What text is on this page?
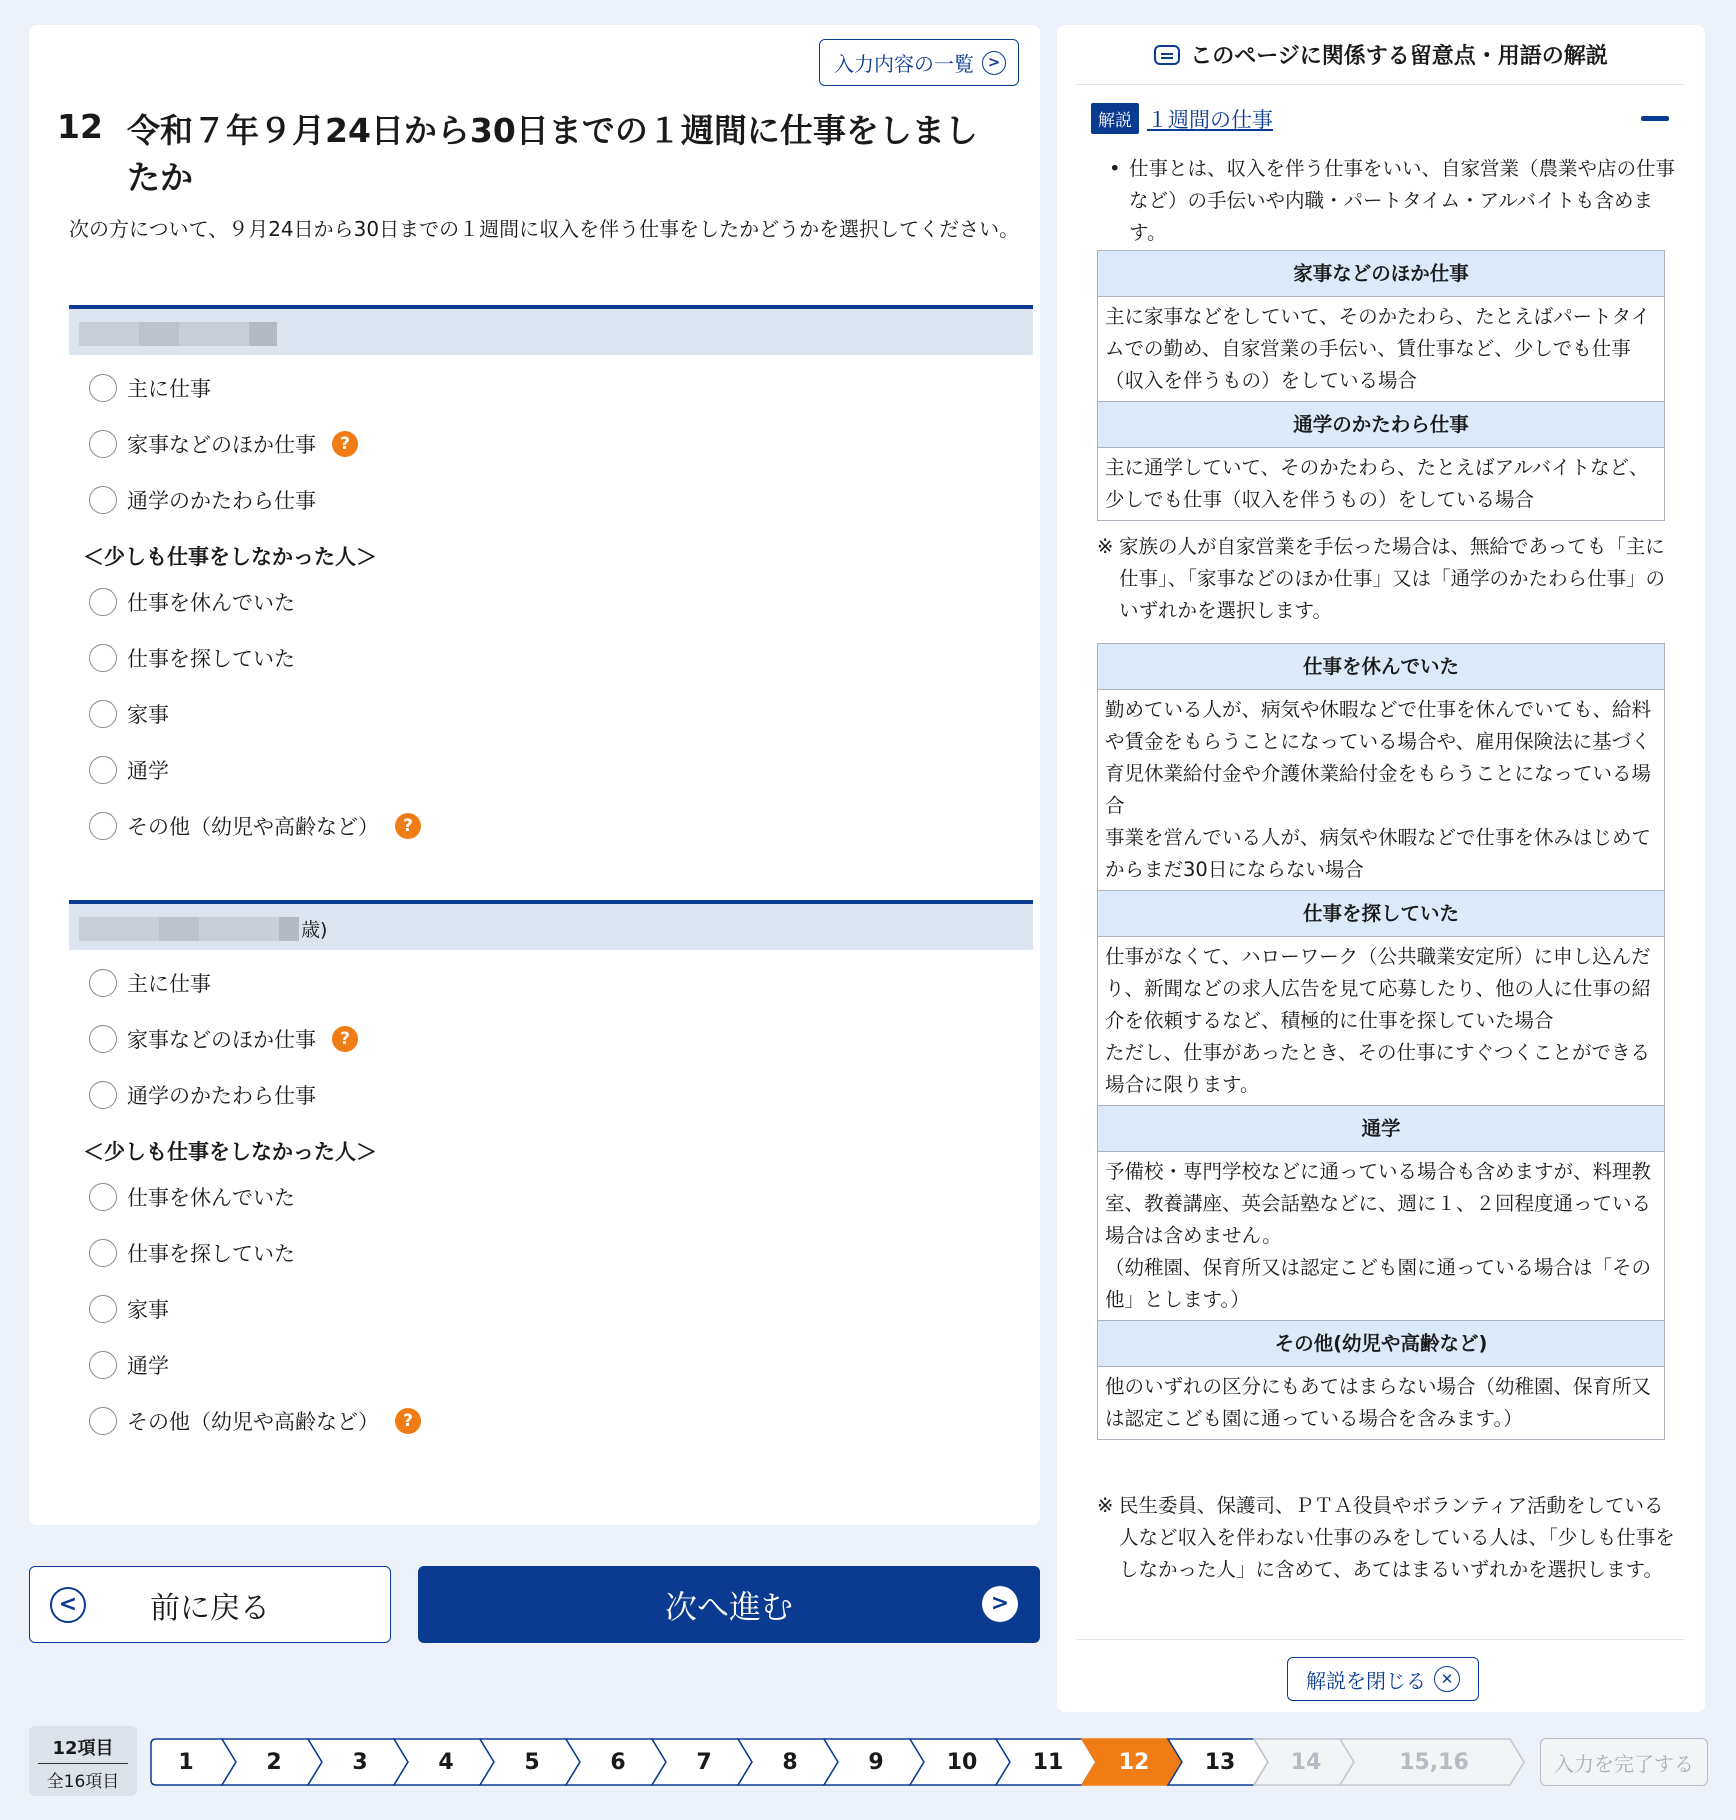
入力内容の一覧 >
12 令和７年９月24日から30日までの１週間に仕事をしましたか
次の方について、９月24日から30日までの１週間に収入を伴う仕事をしたかどうかを選択してください。
主に仕事
家事などのほか仕事	?
通学のかたわら仕事
＜少しも仕事をしなかった人＞
仕事を休んでいた
仕事を探していた
家事
通学
その他（幼児や高齢など）	?
歳)
主に仕事
家事などのほか仕事	?
通学のかたわら仕事
＜少しも仕事をしなかった人＞
仕事を休んでいた
仕事を探していた
家事
通学
その他（幼児や高齢など）	?
< 前に戻る	次へ進む	>
このページに関係する留意点・用語の解説
解説 １週間の仕事
• 仕事とは、収入を伴う仕事をいい、自家営業（農業や店の仕事など）の手伝いや内職・パートタイム・アルバイトも含めます。
家事などのほか仕事
主に家事などをしていて、そのかたわら、たとえばパートタイムでの勤め、自家営業の手伝い、賃仕事など、少しでも仕事（収入を伴うもの）をしている場合
通学のかたわら仕事
主に通学していて、そのかたわら、たとえばアルバイトなど、少しでも仕事（収入を伴うもの）をしている場合
※ 家族の人が自家営業を手伝った場合は、無給であっても「主に仕事」、「家事などのほか仕事」又は「通学のかたわら仕事」のいずれかを選択します。
仕事を休んでいた
勤めている人が、病気や休暇などで仕事を休んでいても、給料や賃金をもらうことになっている場合や、雇用保険法に基づく育児休業給付金や介護休業給付金をもらうことになっている場合
事業を営んでいる人が、病気や休暇などで仕事を休みはじめてからまだ30日にならない場合
仕事を探していた
仕事がなくて、ハローワーク（公共職業安定所）に申し込んだり、新聞などの求人広告を見て応募したり、他の人に仕事の紹介を依頼するなど、積極的に仕事を探していた場合
ただし、仕事があったとき、その仕事にすぐつくことができる場合に限ります。
通学
予備校・専門学校などに通っている場合も含めますが、料理教室、教養講座、英会話塾などに、週に１、２回程度通っている場合は含めません。
（幼稚園、保育所又は認定こども園に通っている場合は「その他」とします。）
その他(幼児や高齢など)
他のいずれの区分にもあてはまらない場合（幼稚園、保育所又は認定こども園に通っている場合を含みます。）
※ 民生委員、保護司、ＰＴＡ役員やボランティア活動をしている人など収入を伴わない仕事のみをしている人は、「少しも仕事をしなかった人」に含めて、あてはまるいずれかを選択します。
解説を閉じる ✕
12項目
全16項目
1	2	3	4	5	6	7	8	9	10	11	12	13	14	15,16	入力を完了する
